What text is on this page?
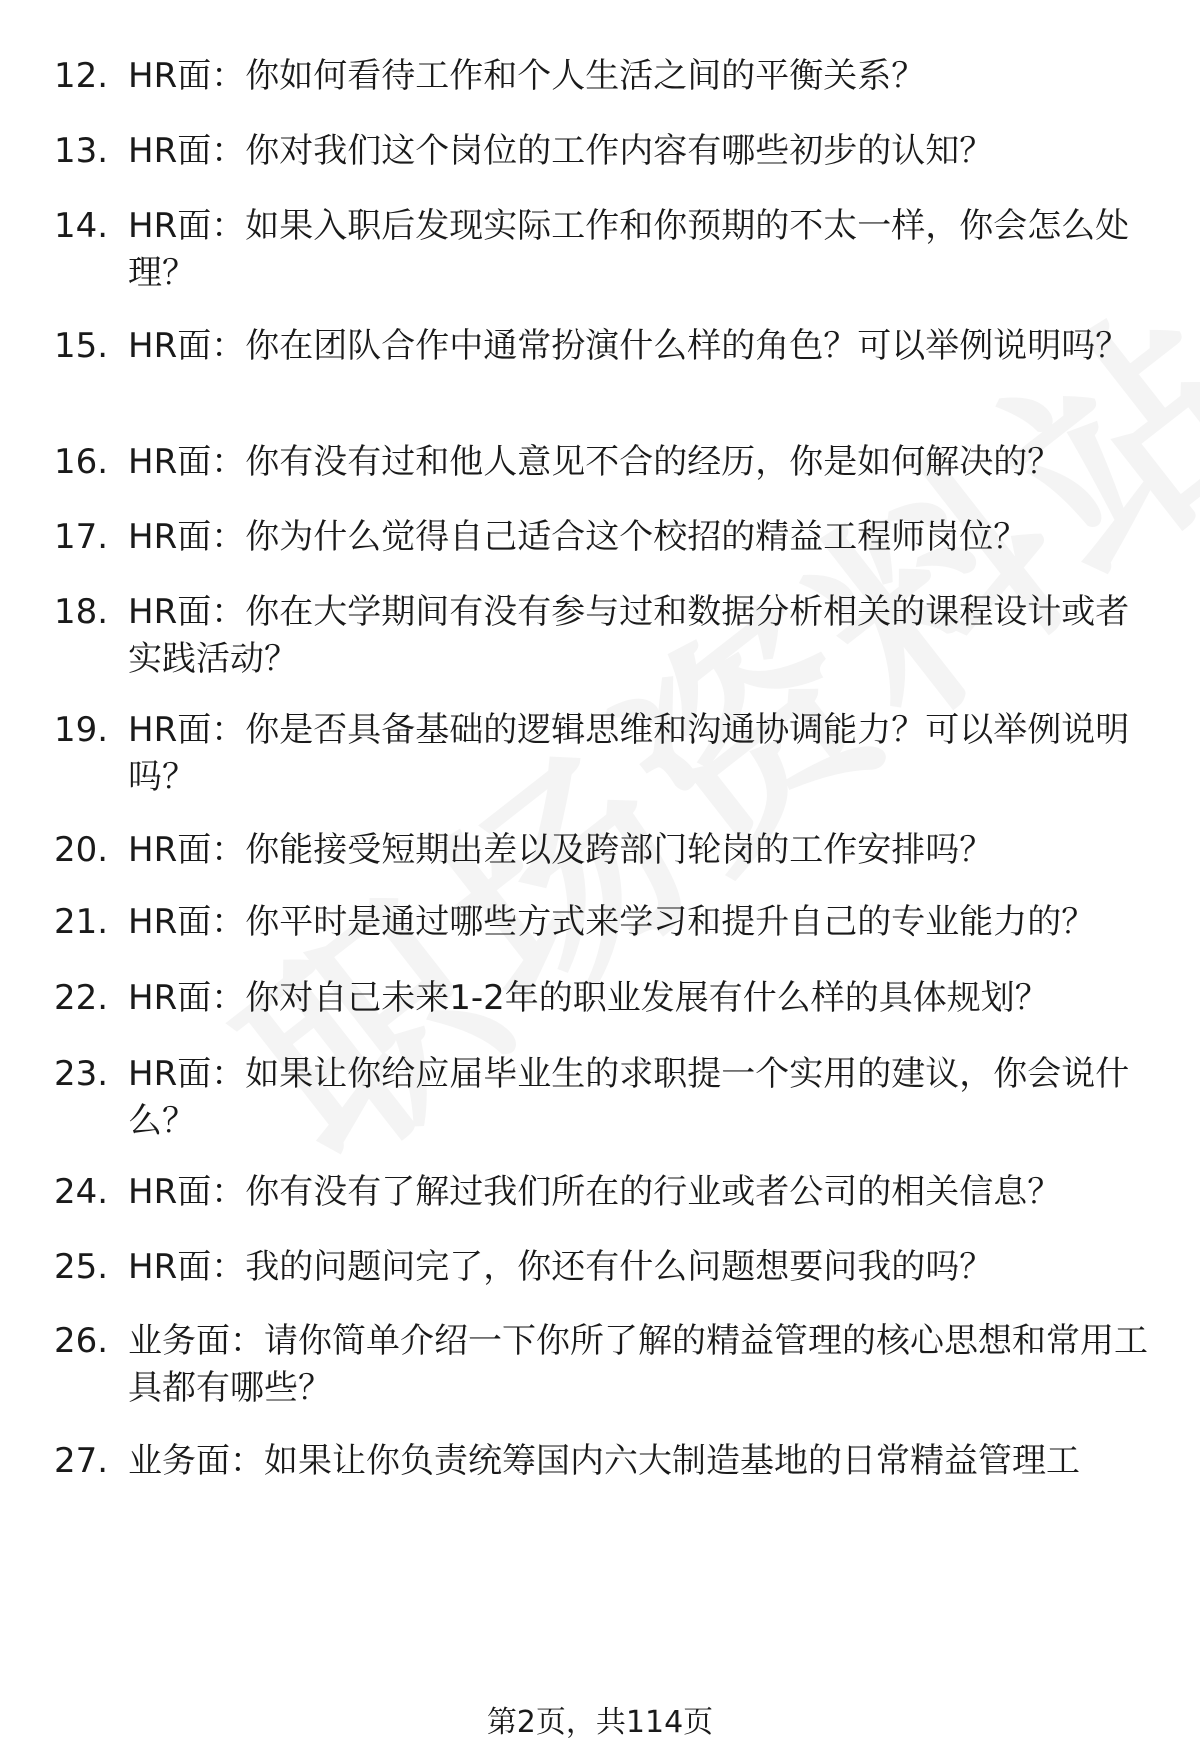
12. HR面：你如何看待工作和个人生活之间的平衡关系？
13. HR面：你对我们这个岗位的工作内容有哪些初步的认知？
14. HR面：如果入职后发现实际工作和你预期的不太一样，你会怎么处理？
15. HR面：你在团队合作中通常扮演什么样的角色？可以举例说明吗？
16. HR面：你有没有过和他人意见不合的经历，你是如何解决的？
17. HR面：你为什么觉得自己适合这个校招的精益工程师岗位？
18. HR面：你在大学期间有没有参与过和数据分析相关的课程设计或者实践活动？
19. HR面：你是否具备基础的逻辑思维和沟通协调能力？可以举例说明吗？
20. HR面：你能接受短期出差以及跨部门轮岗的工作安排吗？
21. HR面：你平时是通过哪些方式来学习和提升自己的专业能力的？
22. HR面：你对自己未来1-2年的职业发展有什么样的具体规划？
23. HR面：如果让你给应届毕业生的求职提一个实用的建议，你会说什么？
24. HR面：你有没有了解过我们所在的行业或者公司的相关信息？
25. HR面：我的问题问完了，你还有什么问题想要问我的吗？
26. 业务面：请你简单介绍一下你所了解的精益管理的核心思想和常用工具都有哪些？
27. 业务面：如果让你负责统筹国内六大制造基地的日常精益管理工
第2页，共114页
